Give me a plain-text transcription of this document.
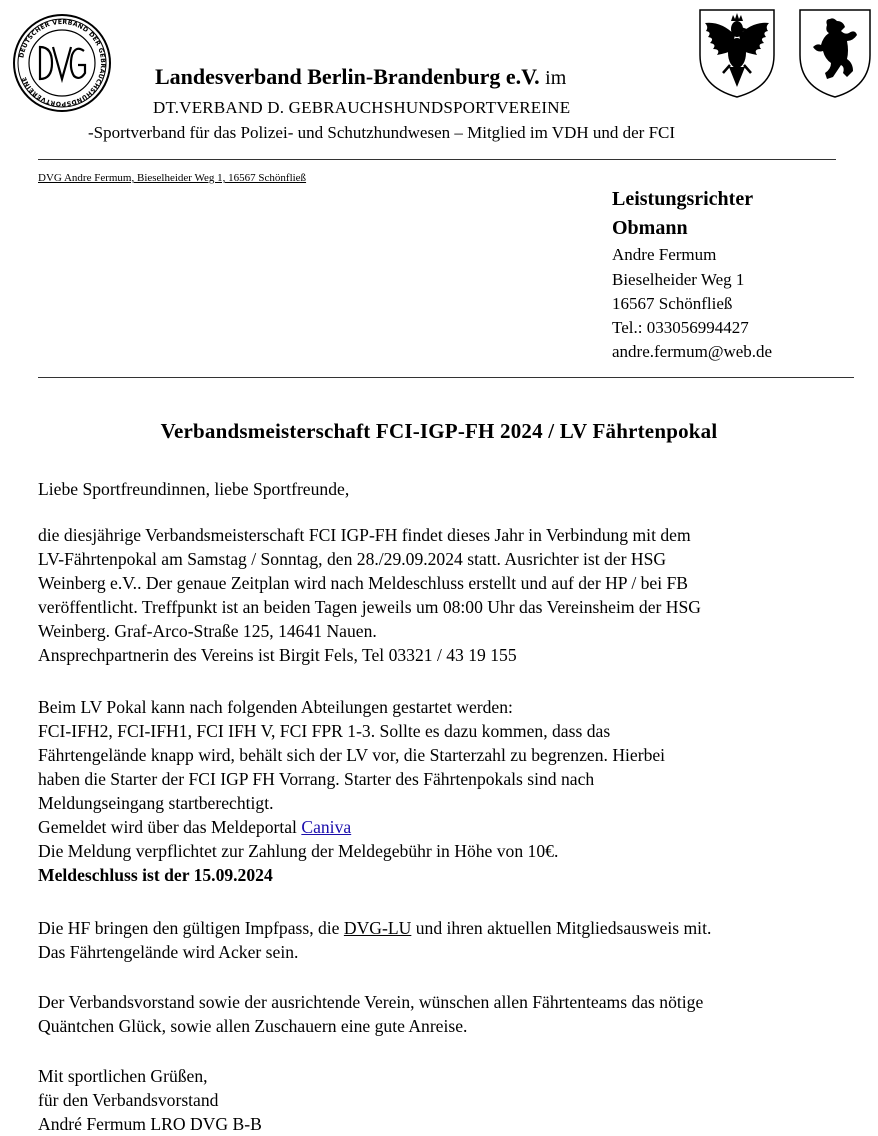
DEUTSCHER VERBAND DER GEBRAUCHSHUNDSPORTVEREINE	Landesverband Berlin-Brandenburg e.V. im
DT.VERBAND D. GEBRAUCHSHUNDSPORTVEREINE
-Sportverband für das Polizei- und Schutzhundwesen – Mitglied im VDH und der FCI
DVG Andre Fermum, Bieselheider Weg 1, 16567 Schönfließ
Leistungsrichter
Obmann
Andre Fermum
Bieselheider Weg 1
16567 Schönfließ
Tel.: 033056994427
andre.fermum@web.de
Verbandsmeisterschaft FCI-IGP-FH 2024 / LV Fährtenpokal
Liebe Sportfreundinnen, liebe Sportfreunde,
die diesjährige Verbandsmeisterschaft FCI IGP-FH findet dieses Jahr in Verbindung mit dem
LV-Fährtenpokal am Samstag / Sonntag, den 28./29.09.2024 statt. Ausrichter ist der HSG
Weinberg e.V.. Der genaue Zeitplan wird nach Meldeschluss erstellt und auf der HP / bei FB
veröffentlicht. Treffpunkt ist an beiden Tagen jeweils um 08:00 Uhr das Vereinsheim der HSG
Weinberg. Graf-Arco-Straße 125, 14641 Nauen.
Ansprechpartnerin des Vereins ist Birgit Fels, Tel 03321 / 43 19 155
Beim LV Pokal kann nach folgenden Abteilungen gestartet werden:
FCI-IFH2, FCI-IFH1, FCI IFH V, FCI FPR 1-3. Sollte es dazu kommen, dass das
Fährtengelände knapp wird, behält sich der LV vor, die Starterzahl zu begrenzen. Hierbei
haben die Starter der FCI IGP FH Vorrang. Starter des Fährtenpokals sind nach
Meldungseingang startberechtigt.
Gemeldet wird über das Meldeportal Caniva
Die Meldung verpflichtet zur Zahlung der Meldegebühr in Höhe von 10€.
Meldeschluss ist der 15.09.2024
Die HF bringen den gültigen Impfpass, die DVG-LU und ihren aktuellen Mitgliedsausweis mit.
Das Fährtengelände wird Acker sein.
Der Verbandsvorstand sowie der ausrichtende Verein, wünschen allen Fährtenteams das nötige
Quäntchen Glück, sowie allen Zuschauern eine gute Anreise.
Mit sportlichen Grüßen,
für den Verbandsvorstand
André Fermum LRO DVG B-B
